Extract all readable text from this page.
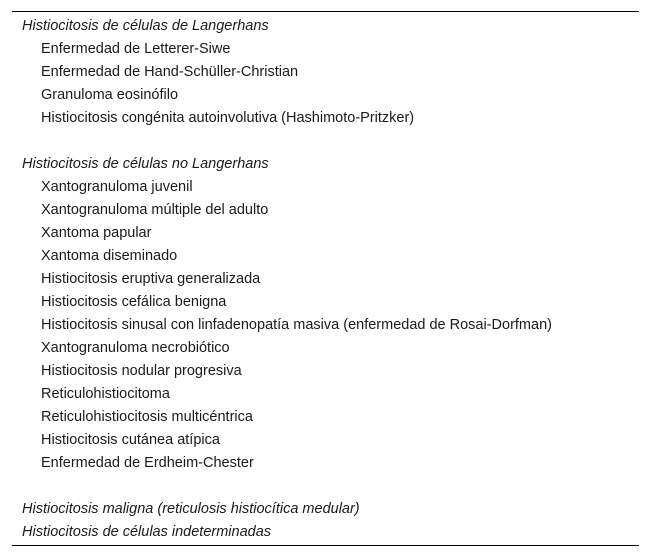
Histiocitosis de células de Langerhans
Enfermedad de Letterer-Siwe
Enfermedad de Hand-Schüller-Christian
Granuloma eosinófilo
Histiocitosis congénita autoinvolutiva (Hashimoto-Pritzker)
Histiocitosis de células no Langerhans
Xantogranuloma juvenil
Xantogranuloma múltiple del adulto
Xantoma papular
Xantoma diseminado
Histiocitosis eruptiva generalizada
Histiocitosis cefálica benigna
Histiocitosis sinusal con linfadenopatía masiva (enfermedad de Rosai-Dorfman)
Xantogranuloma necrobiótico
Histiocitosis nodular progresiva
Reticulohistiocitoma
Reticulohistiocitosis multicéntrica
Histiocitosis cutánea atípica
Enfermedad de Erdheim-Chester
Histiocitosis maligna (reticulosis histiocítica medular)
Histiocitosis de células indeterminadas
